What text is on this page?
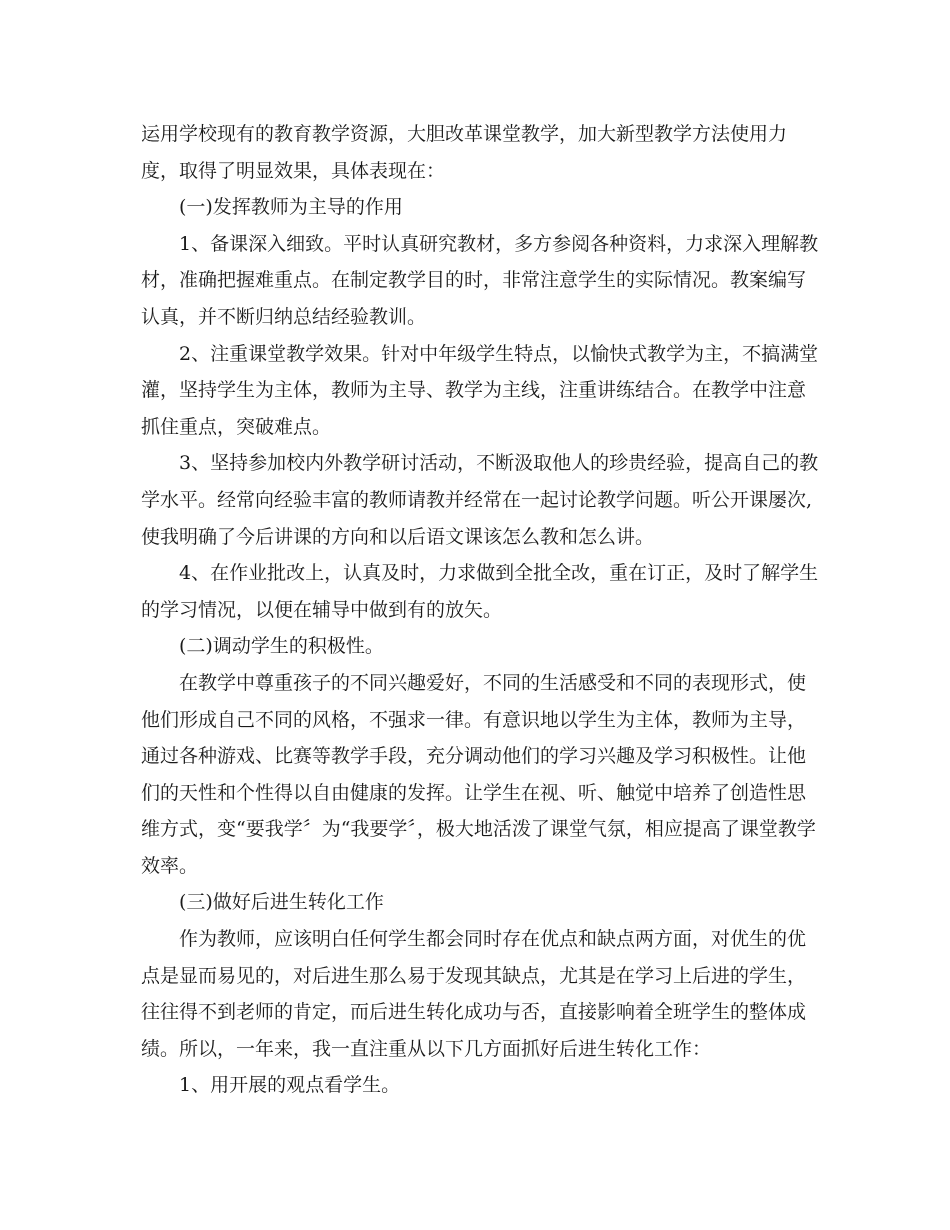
运用学校现有的教育教学资源，大胆改革课堂教学，加大新型教学方法使用力
度，取得了明显效果，具体表现在：
(一)发挥教师为主导的作用
1、备课深入细致。平时认真研究教材，多方参阅各种资料，力求深入理解教
材，准确把握难重点。在制定教学目的时，非常注意学生的实际情况。教案编写
认真，并不断归纳总结经验教训。
2、注重课堂教学效果。针对中年级学生特点，以愉快式教学为主，不搞满堂
灌，坚持学生为主体，教师为主导、教学为主线，注重讲练结合。在教学中注意
抓住重点，突破难点。
3、坚持参加校内外教学研讨活动，不断汲取他人的珍贵经验，提高自己的教
学水平。经常向经验丰富的教师请教并经常在一起讨论教学问题。听公开课屡次,
使我明确了今后讲课的方向和以后语文课该怎么教和怎么讲。
4、在作业批改上，认真及时，力求做到全批全改，重在订正，及时了解学生
的学习情况，以便在辅导中做到有的放矢。
(二)调动学生的积极性。
在教学中尊重孩子的不同兴趣爱好，不同的生活感受和不同的表现形式，使
他们形成自己不同的风格，不强求一律。有意识地以学生为主体，教师为主导，
通过各种游戏、比赛等教学手段，充分调动他们的学习兴趣及学习积极性。让他
们的天性和个性得以自由健康的发挥。让学生在视、听、触觉中培养了创造性思
维方式，变“要我学〞为“我要学〞，极大地活泼了课堂气氛，相应提高了课堂教学
效率。
(三)做好后进生转化工作
作为教师，应该明白任何学生都会同时存在优点和缺点两方面，对优生的优
点是显而易见的，对后进生那么易于发现其缺点，尤其是在学习上后进的学生，
往往得不到老师的肯定，而后进生转化成功与否，直接影响着全班学生的整体成
绩。所以，一年来，我一直注重从以下几方面抓好后进生转化工作：
1、用开展的观点看学生。
